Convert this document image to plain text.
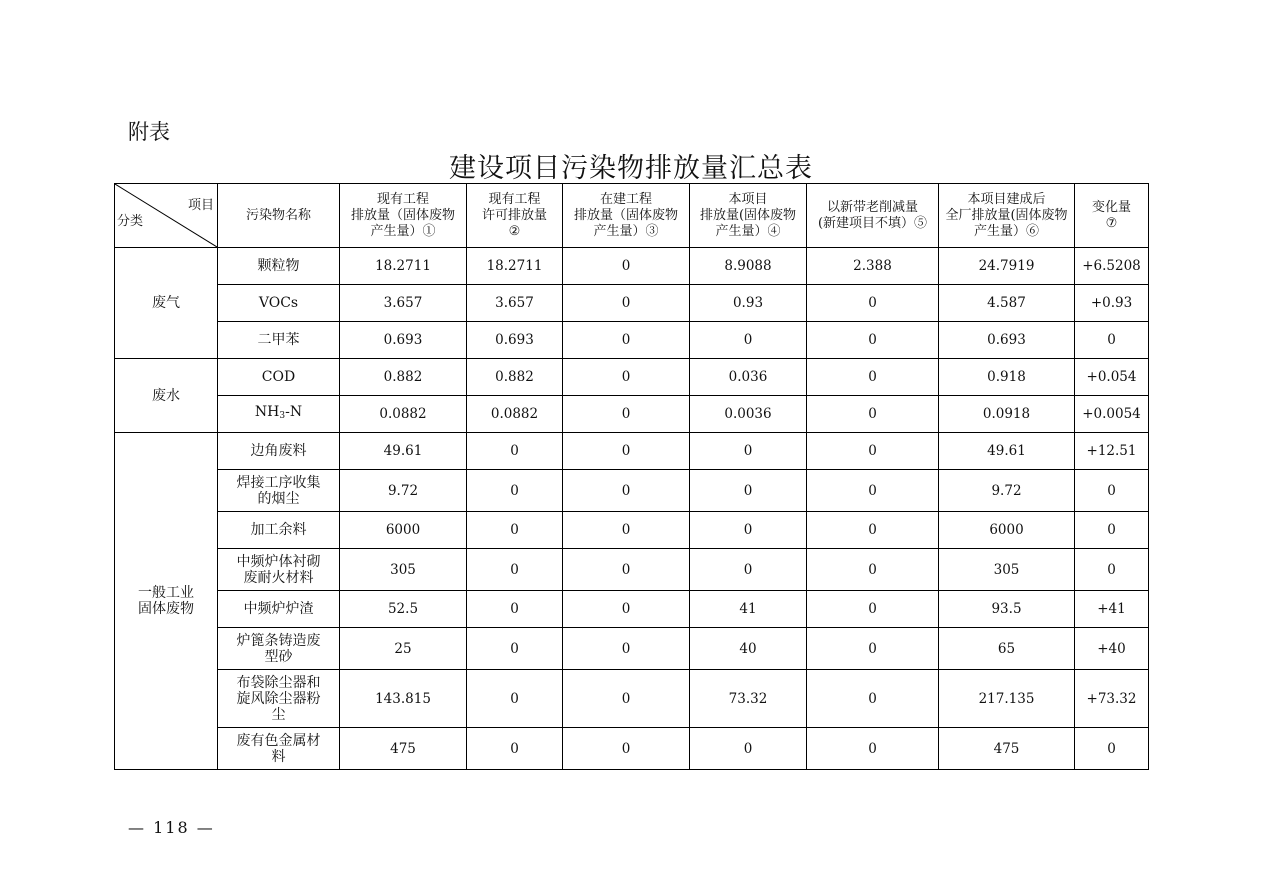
附表
建设项目污染物排放量汇总表
项目
分类	污染物名称	现有工程
排放量（固体废物
产生量）①	现有工程
许可排放量
②	在建工程
排放量（固体废物
产生量）③	本项目
排放量(固体废物
产生量）④	以新带老削减量
(新建项目不填）⑤	本项目建成后
全厂排放量(固体废物
产生量）⑥	变化量
⑦
废气	颗粒物	18.2711	18.2711	0	8.9088	2.388	24.7919	+6.5208
	VOCs	3.657	3.657	0	0.93	0	4.587	+0.93
	二甲苯	0.693	0.693	0	0	0	0.693	0
废水	COD	0.882	0.882	0	0.036	0	0.918	+0.054
	$NH_3-N$	0.0882	0.0882	0	0.0036	0	0.0918	+0.0054
一般工业
固体废物	边角废料	49.61	0	0	0	0	49.61	+12.51
	焊接工序收集
的烟尘	9.72	0	0	0	0	9.72	0
	加工余料	6000	0	0	0	0	6000	0
	中频炉体衬砌
废耐火材料	305	0	0	0	0	305	0
	中频炉炉渣	52.5	0	0	41	0	93.5	+41
	炉篦条铸造废
型砂	25	0	0	40	0	65	+40
	布袋除尘器和
旋风除尘器粉
尘	143.815	0	0	73.32	0	217.135	+73.32
	废有色金属材
料	475	0	0	0	0	475	0
— 118 —
